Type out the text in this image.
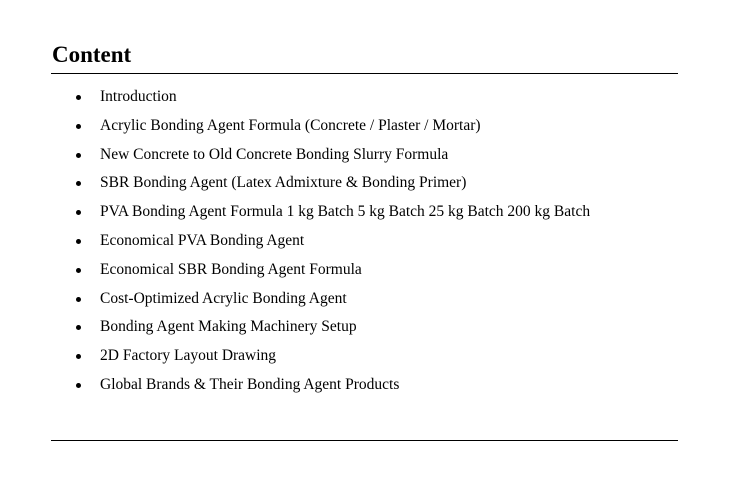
Content
Introduction
Acrylic Bonding Agent Formula (Concrete / Plaster / Mortar)
New Concrete to Old Concrete Bonding Slurry Formula
SBR Bonding Agent (Latex Admixture & Bonding Primer)
PVA Bonding Agent Formula 1 kg Batch 5 kg Batch 25 kg Batch 200 kg Batch
Economical PVA Bonding Agent
Economical SBR Bonding Agent Formula
Cost-Optimized Acrylic Bonding Agent
Bonding Agent Making Machinery Setup
2D Factory Layout Drawing
Global Brands & Their Bonding Agent Products
